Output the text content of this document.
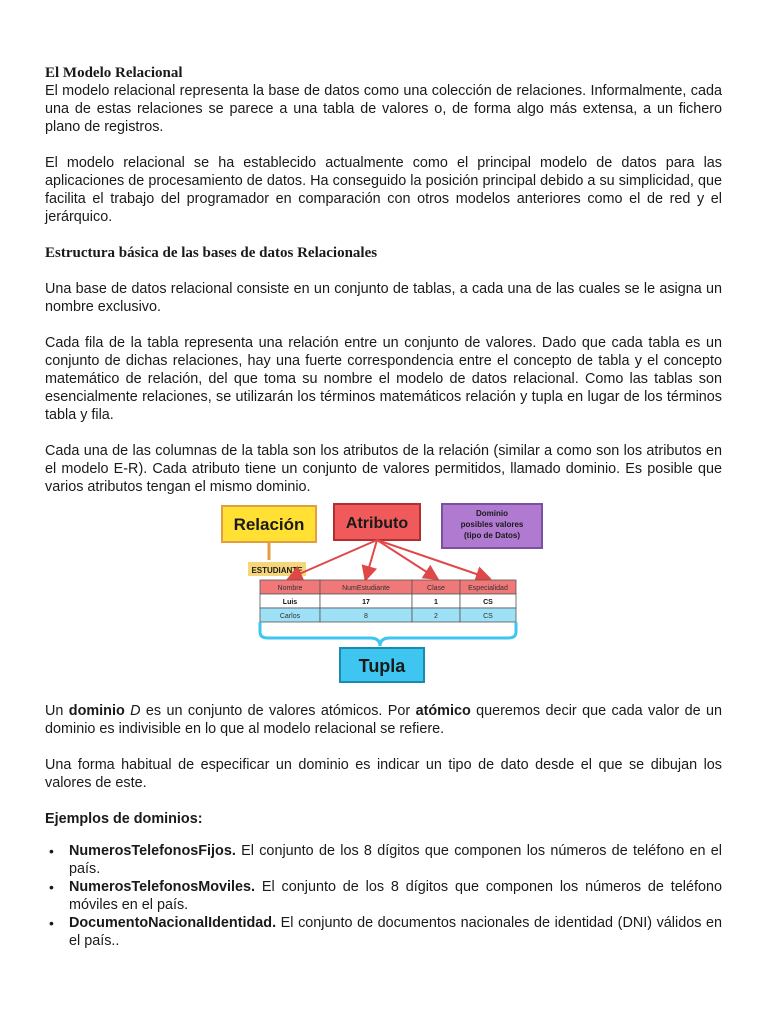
El Modelo Relacional

El modelo relacional representa la base de datos como una colección de relaciones. Informalmente, cada una de estas relaciones se parece a una tabla de valores o, de forma algo más extensa, a un fichero plano de registros.

El modelo relacional se ha establecido actualmente como el principal modelo de datos para las aplicaciones de procesamiento de datos. Ha conseguido la posición principal debido a su simplicidad, que facilita el trabajo del programador en comparación con otros modelos anteriores como el de red y el jerárquico.

Estructura básica de las bases de datos Relacionales

Una base de datos relacional consiste en un conjunto de tablas, a cada una de las cuales se le asigna un nombre exclusivo.

Cada fila de la tabla representa una relación entre un conjunto de valores. Dado que cada tabla es un conjunto de dichas relaciones, hay una fuerte correspondencia entre el concepto de tabla y el concepto matemático de relación, del que toma su nombre el modelo de datos relacional. Como las tablas son esencialmente relaciones, se utilizarán los términos matemáticos relación y tupla en lugar de los términos tabla y fila.

Cada una de las columnas de la tabla son los atributos de la relación (similar a como son los atributos en el modelo E-R). Cada atributo tiene un conjunto de valores permitidos, llamado dominio. Es posible que varios atributos tengan el mismo dominio.

Relación
ESTUDIANTE
Atributo
Dominio
posibles valores
(tipo de Datos)
Nombre	NumEstudiante	Clase	Especialidad
Luis	17	1	CS
Carlos	8	2	CS
Tupla

Un dominio D es un conjunto de valores atómicos. Por atómico queremos decir que cada valor de un dominio es indivisible en lo que al modelo relacional se refiere.

Una forma habitual de especificar un dominio es indicar un tipo de dato desde el que se dibujan los valores de este.

Ejemplos de dominios:

• NumerosTelefonosFijos. El conjunto de los 8 dígitos que componen los números de teléfono en el país.
• NumerosTelefonosMoviles. El conjunto de los 8 dígitos que componen los números de teléfono móviles en el país.
• DocumentoNacionalIdentidad. El conjunto de documentos nacionales de identidad (DNI) válidos en el país..
